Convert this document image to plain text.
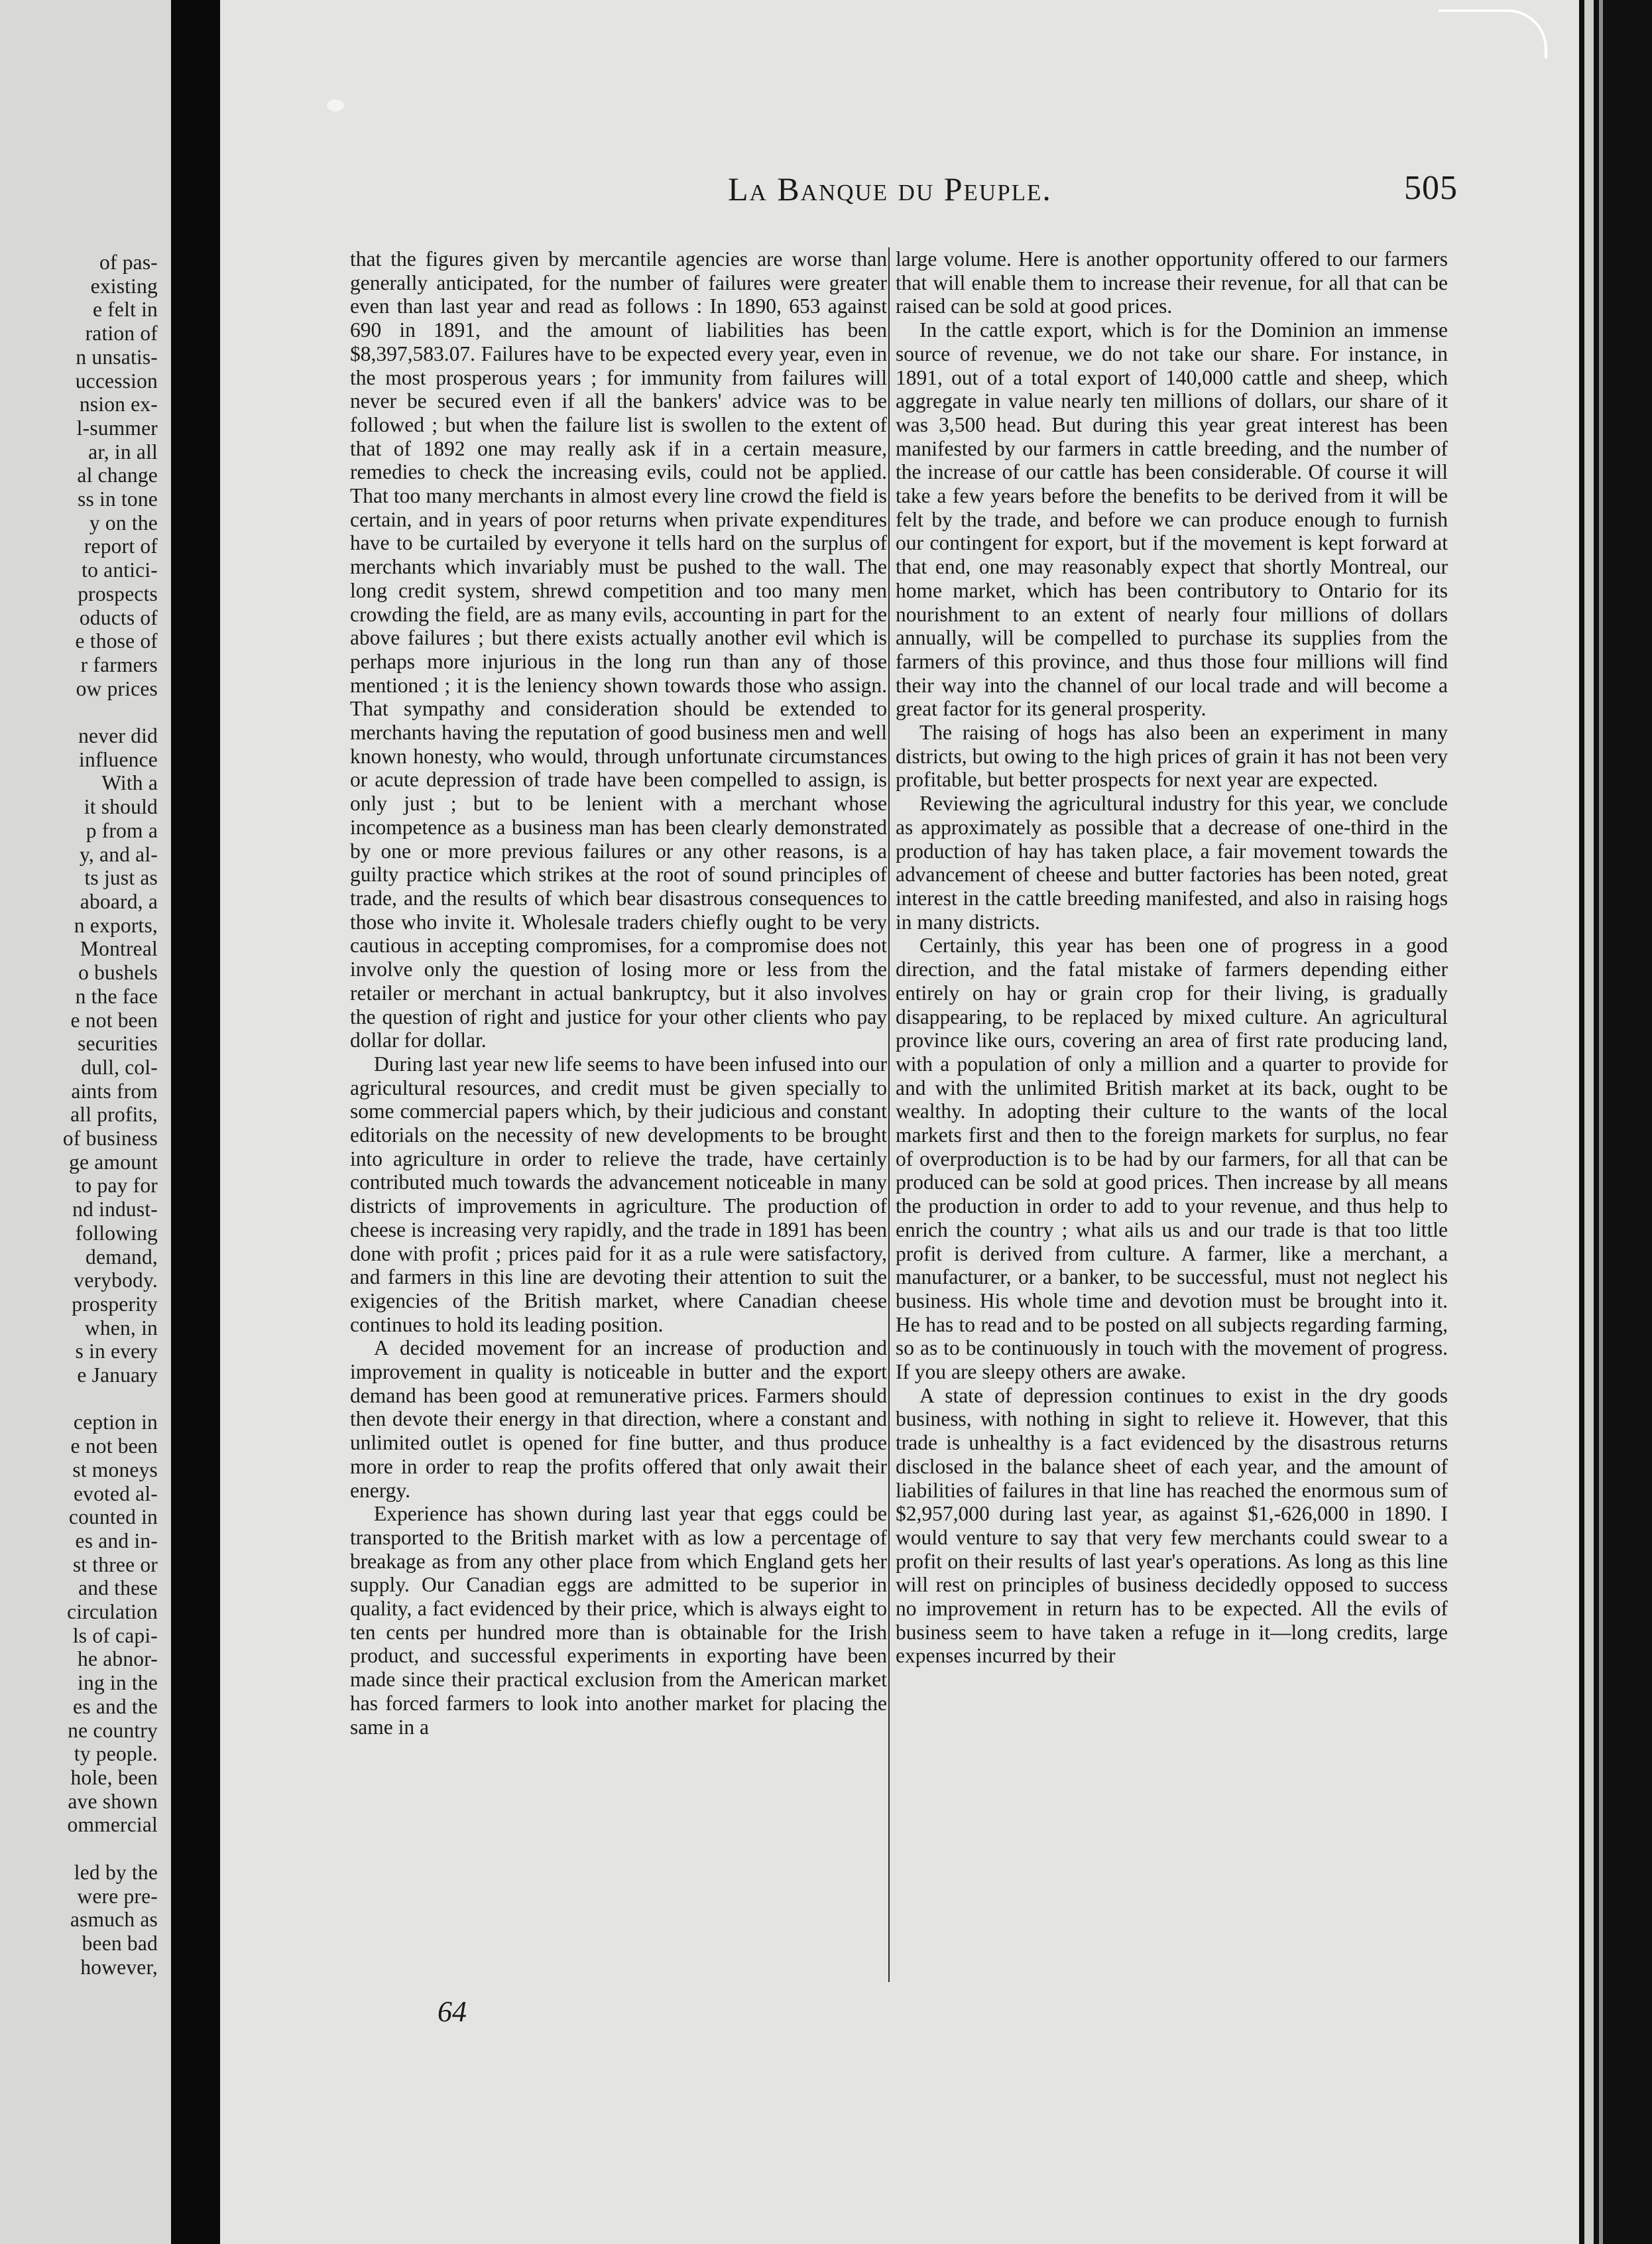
of pas-
existing
e felt in
ration of
n unsatis-
uccession
nsion ex-
l-summer
ar, in all
al change
ss in tone
y on the
report of
to antici-
prospects
oducts of
e those of
r farmers
ow prices

never did
influence
With a
it should
p from a
y, and al-
ts just as
aboard, a
n exports,
Montreal
o bushels
n the face
e not been
securities
dull, col-
aints from
all profits,
of business
ge amount
to pay for
nd indust-
following
demand,
verybody.
prosperity
when, in
s in every
e January

ception in
e not been
st moneys
evoted al-
counted in
es and in-
st three or
and these
circulation
ls of capi-
he abnor-
ing in the
es and the
ne country
ty people.
hole, been
ave shown
ommercial

led by the
were pre-
asmuch as
been bad
however,
La Banque du Peuple.	505

that the figures given by mercantile agencies are worse than generally anticipated, for the number of failures were greater even than last year and read as follows : In 1890, 653 against 690 in 1891, and the amount of liabilities has been $8,397,583.07. Failures have to be expected every year, even in the most prosperous years ; for immunity from failures will never be secured even if all the bankers' advice was to be followed ; but when the failure list is swollen to the extent of that of 1892 one may really ask if in a certain measure, remedies to check the increasing evils, could not be applied. That too many merchants in almost every line crowd the field is certain, and in years of poor returns when private expenditures have to be curtailed by everyone it tells hard on the surplus of merchants which invariably must be pushed to the wall. The long credit system, shrewd competition and too many men crowding the field, are as many evils, accounting in part for the above failures ; but there exists actually another evil which is perhaps more injurious in the long run than any of those mentioned ; it is the leniency shown towards those who assign. That sympathy and consideration should be extended to merchants having the reputation of good business men and well known honesty, who would, through unfortunate circumstances or acute depression of trade have been compelled to assign, is only just ; but to be lenient with a merchant whose incompetence as a business man has been clearly demonstrated by one or more previous failures or any other reasons, is a guilty practice which strikes at the root of sound principles of trade, and the results of which bear disastrous consequences to those who invite it. Wholesale traders chiefly ought to be very cautious in accepting compromises, for a compromise does not involve only the question of losing more or less from the retailer or merchant in actual bankruptcy, but it also involves the question of right and justice for your other clients who pay dollar for dollar.

During last year new life seems to have been infused into our agricultural resources, and credit must be given specially to some commercial papers which, by their judicious and constant editorials on the necessity of new developments to be brought into agriculture in order to relieve the trade, have certainly contributed much towards the advancement noticeable in many districts of improvements in agriculture. The production of cheese is increasing very rapidly, and the trade in 1891 has been done with profit ; prices paid for it as a rule were satisfactory, and farmers in this line are devoting their attention to suit the exigencies of the British market, where Canadian cheese continues to hold its leading position.

A decided movement for an increase of production and improvement in quality is noticeable in butter and the export demand has been good at remunerative prices. Farmers should then devote their energy in that direction, where a constant and unlimited outlet is opened for fine butter, and thus produce more in order to reap the profits offered that only await their energy.

Experience has shown during last year that eggs could be transported to the British market with as low a percentage of breakage as from any other place from which England gets her supply. Our Canadian eggs are admitted to be superior in quality, a fact evidenced by their price, which is always eight to ten cents per hundred more than is obtainable for the Irish product, and successful experiments in exporting have been made since their practical exclusion from the American market has forced farmers to look into another market for placing the same in a

large volume. Here is another opportunity offered to our farmers that will enable them to increase their revenue, for all that can be raised can be sold at good prices.

In the cattle export, which is for the Dominion an immense source of revenue, we do not take our share. For instance, in 1891, out of a total export of 140,000 cattle and sheep, which aggregate in value nearly ten millions of dollars, our share of it was 3,500 head. But during this year great interest has been manifested by our farmers in cattle breeding, and the number of the increase of our cattle has been considerable. Of course it will take a few years before the benefits to be derived from it will be felt by the trade, and before we can produce enough to furnish our contingent for export, but if the movement is kept forward at that end, one may reasonably expect that shortly Montreal, our home market, which has been contributory to Ontario for its nourishment to an extent of nearly four millions of dollars annually, will be compelled to purchase its supplies from the farmers of this province, and thus those four millions will find their way into the channel of our local trade and will become a great factor for its general prosperity.

The raising of hogs has also been an experiment in many districts, but owing to the high prices of grain it has not been very profitable, but better prospects for next year are expected.

Reviewing the agricultural industry for this year, we conclude as approximately as possible that a decrease of one-third in the production of hay has taken place, a fair movement towards the advancement of cheese and butter factories has been noted, great interest in the cattle breeding manifested, and also in raising hogs in many districts.

Certainly, this year has been one of progress in a good direction, and the fatal mistake of farmers depending either entirely on hay or grain crop for their living, is gradually disappearing, to be replaced by mixed culture. An agricultural province like ours, covering an area of first rate producing land, with a population of only a million and a quarter to provide for and with the unlimited British market at its back, ought to be wealthy. In adopting their culture to the wants of the local markets first and then to the foreign markets for surplus, no fear of overproduction is to be had by our farmers, for all that can be produced can be sold at good prices. Then increase by all means the production in order to add to your revenue, and thus help to enrich the country ; what ails us and our trade is that too little profit is derived from culture. A farmer, like a merchant, a manufacturer, or a banker, to be successful, must not neglect his business. His whole time and devotion must be brought into it. He has to read and to be posted on all subjects regarding farming, so as to be continuously in touch with the movement of progress. If you are sleepy others are awake.

A state of depression continues to exist in the dry goods business, with nothing in sight to relieve it. However, that this trade is unhealthy is a fact evidenced by the disastrous returns disclosed in the balance sheet of each year, and the amount of liabilities of failures in that line has reached the enormous sum of $2,957,000 during last year, as against $1,-626,000 in 1890. I would venture to say that very few merchants could swear to a profit on their results of last year's operations. As long as this line will rest on principles of business decidedly opposed to success no improvement in return has to be expected. All the evils of business seem to have taken a refuge in it—long credits, large expenses incurred by their

64
